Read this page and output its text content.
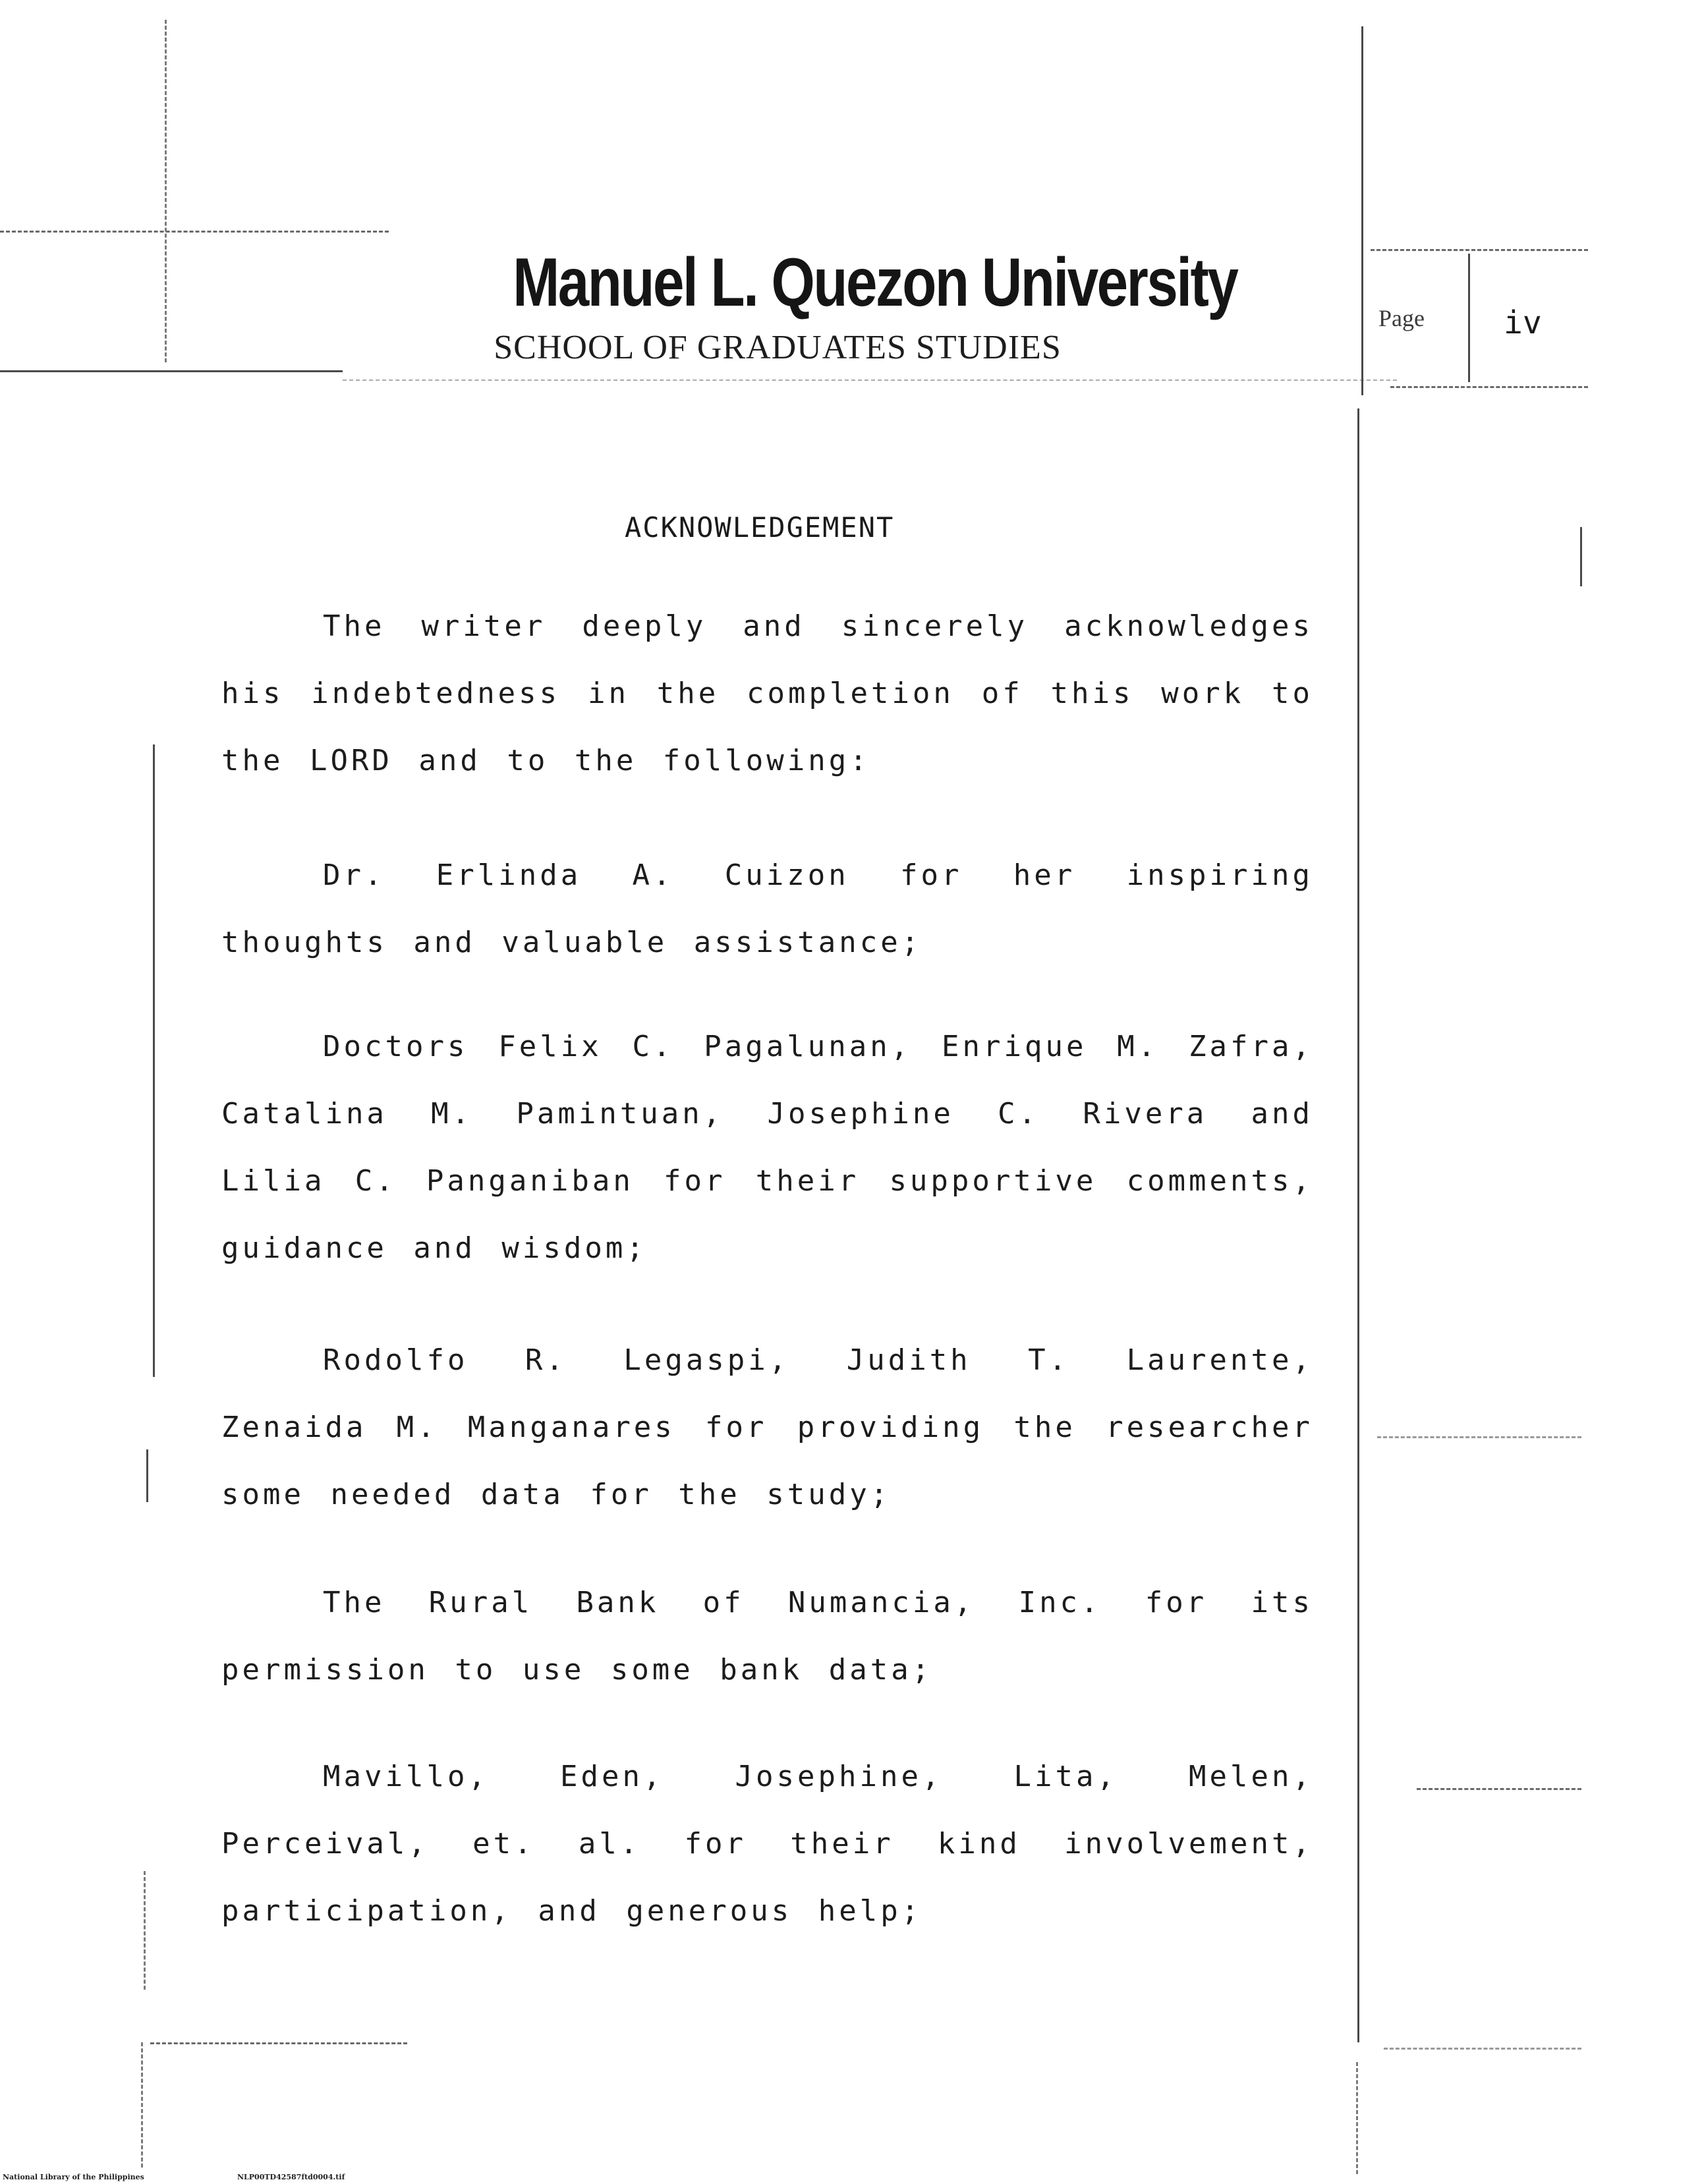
Manuel L. Quezon University
SCHOOL OF GRADUATES STUDIES
Page	iv
ACKNOWLEDGEMENT

The writer deeply and sincerely acknowledges his indebtedness in the completion of this work to the LORD and to the following:

Dr. Erlinda A. Cuizon for her inspiring thoughts and valuable assistance;

Doctors Felix C. Pagalunan, Enrique M. Zafra, Catalina M. Pamintuan, Josephine C. Rivera and Lilia C. Panganiban for their supportive comments, guidance and wisdom;

Rodolfo R. Legaspi, Judith T. Laurente, Zenaida M. Manganares for providing the researcher some needed data for the study;

The Rural Bank of Numancia, Inc. for its permission to use some bank data;

Mavillo, Eden, Josephine, Lita, Melen, Perceival, et. al. for their kind involvement, participation, and generous help;

National Library of the Philippines	NLP00TD42587ftd0004.tif
